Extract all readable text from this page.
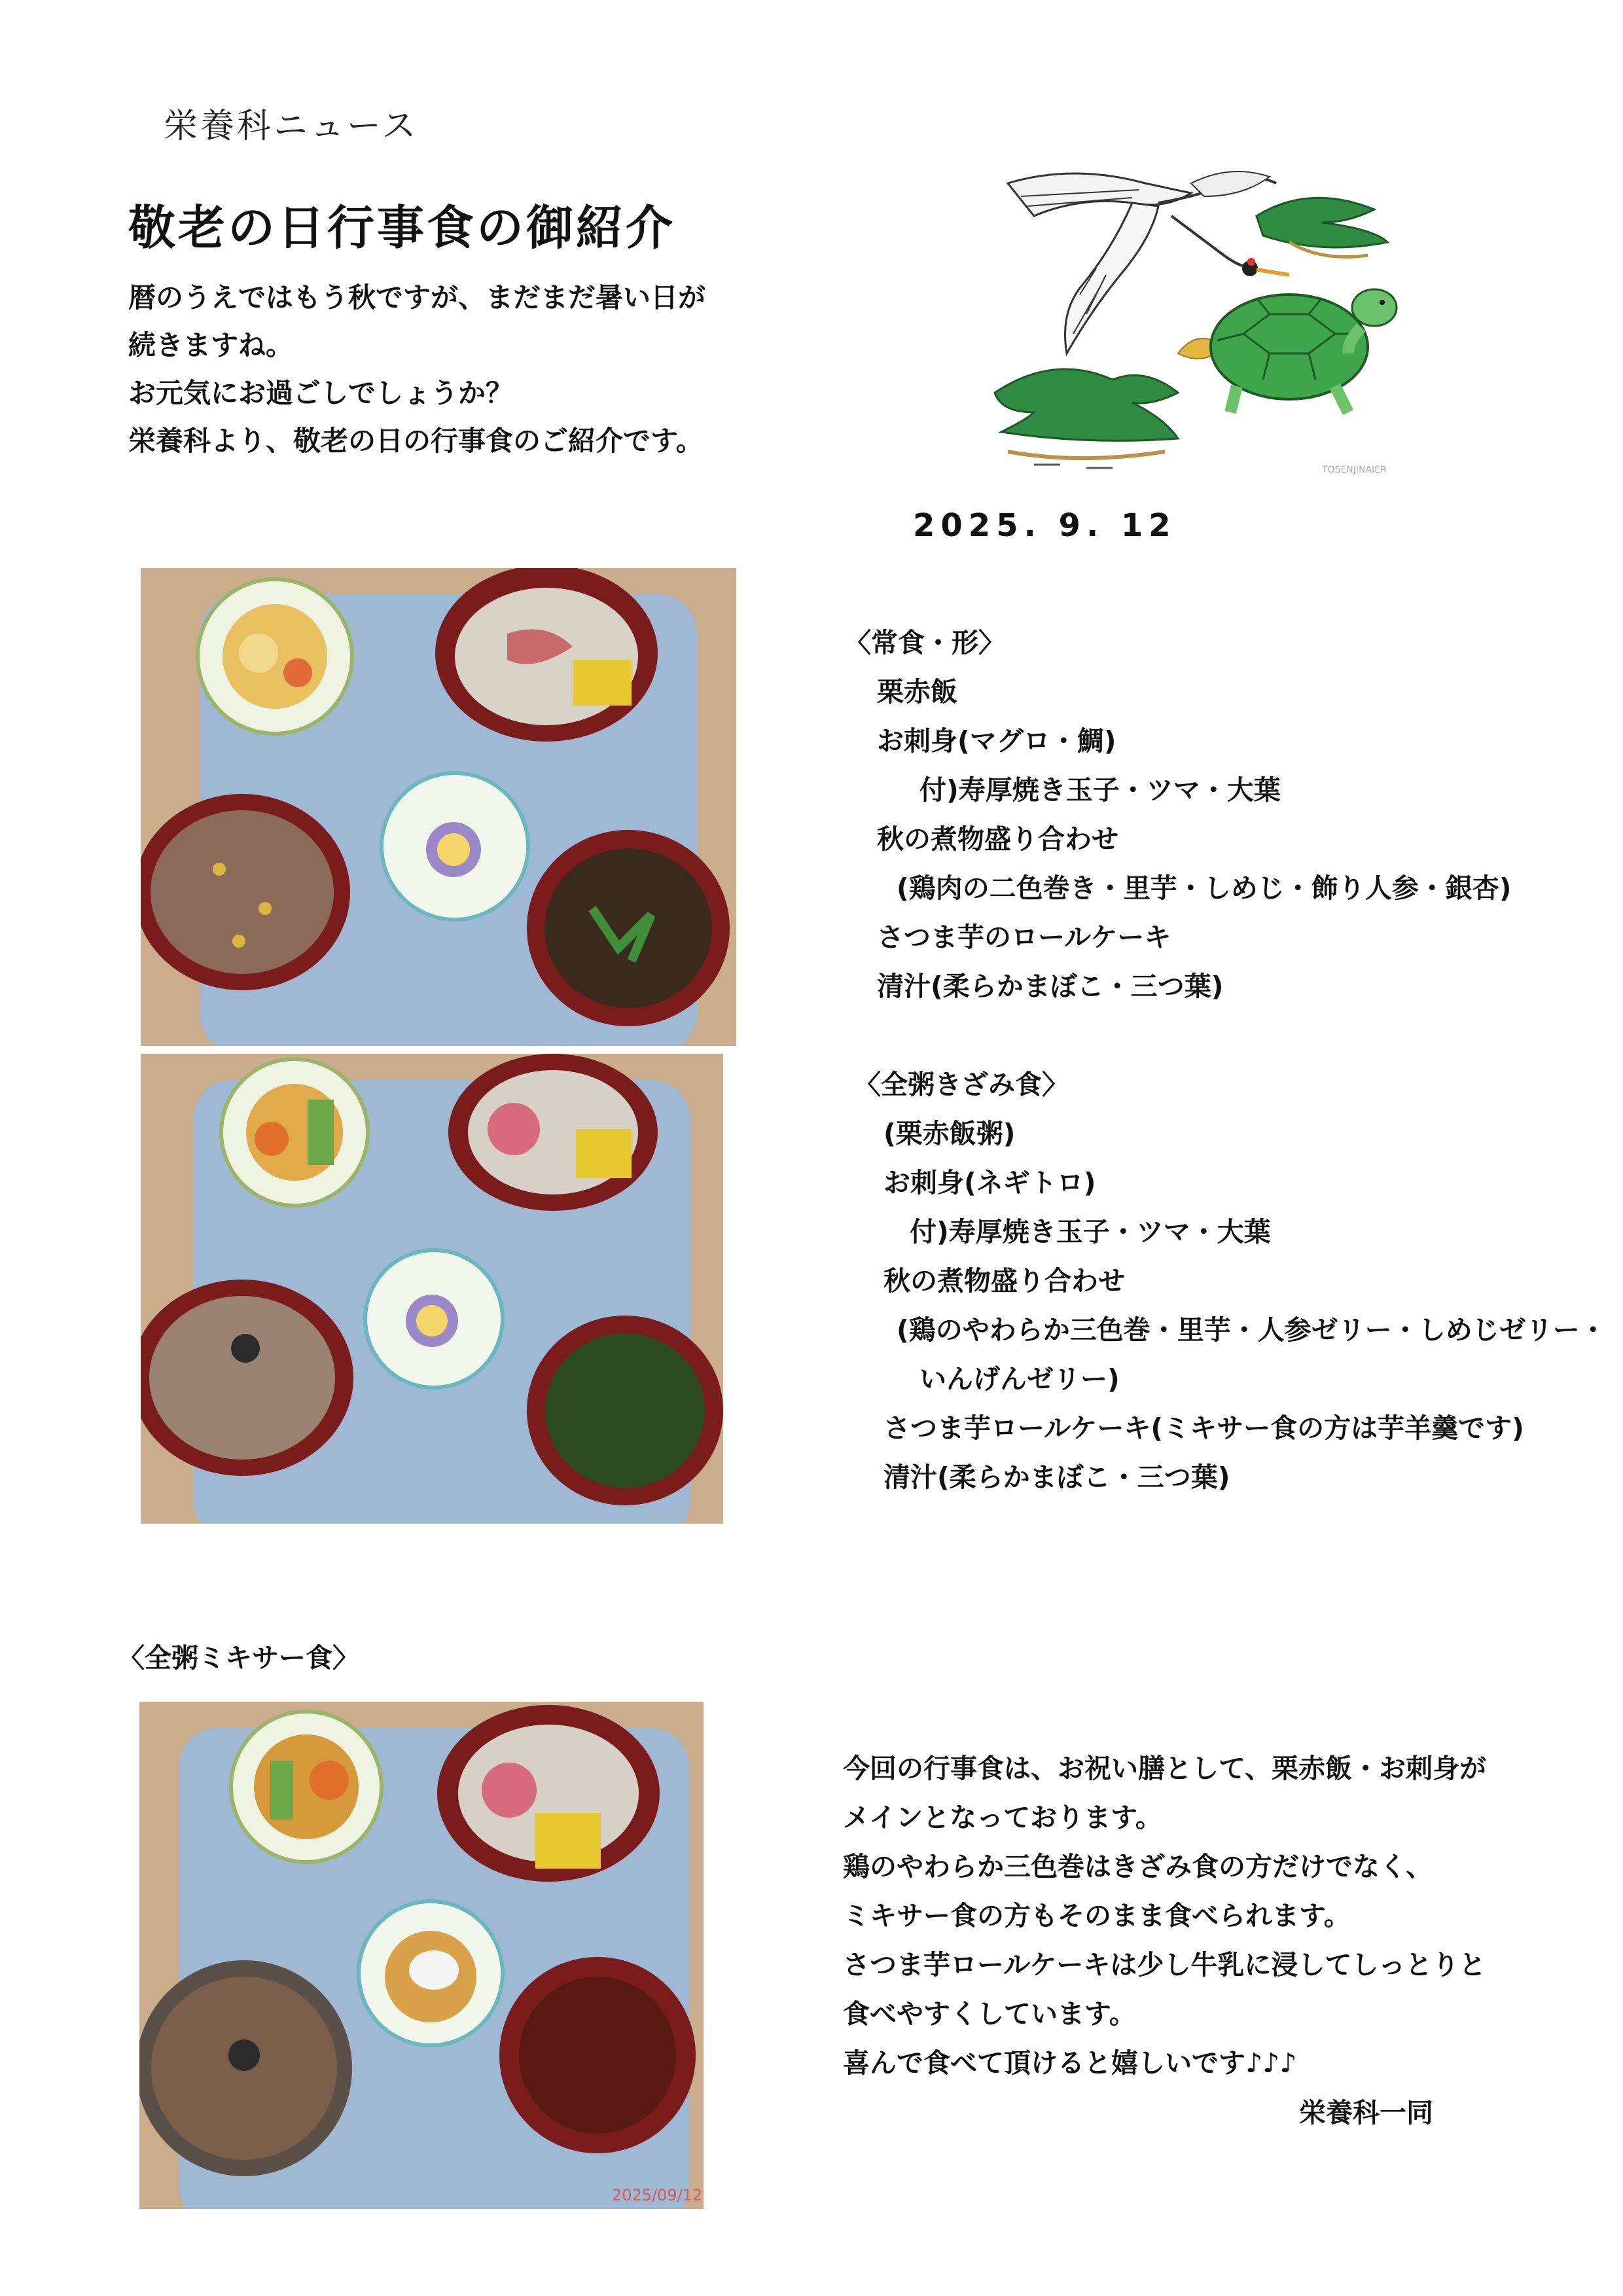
栄養科ニュース
敬老の日行事食の御紹介
暦のうえではもう秋ですが、まだまだ暑い日が
続きますね。
お元気にお過ごしでしょうか？
栄養科より、敬老の日の行事食のご紹介です。
TOSENJINAIER
2025. 9. 12
〈常食・形〉
栗赤飯
お刺身(マグロ・鯛)
付)寿厚焼き玉子・ツマ・大葉
秋の煮物盛り合わせ
(鶏肉の二色巻き・里芋・しめじ・飾り人参・銀杏)
さつま芋のロールケーキ
清汁(柔らかまぼこ・三つ葉)
〈全粥きざみ食〉
(栗赤飯粥)
お刺身(ネギトロ)
付)寿厚焼き玉子・ツマ・大葉
秋の煮物盛り合わせ
(鶏のやわらか三色巻・里芋・人参ゼリー・しめじゼリー・
いんげんゼリー)
さつま芋ロールケーキ(ミキサー食の方は芋羊羹です)
清汁(柔らかまぼこ・三つ葉)
〈全粥ミキサー食〉
2025/09/12
今回の行事食は、お祝い膳として、栗赤飯・お刺身が
メインとなっております。
鶏のやわらか三色巻はきざみ食の方だけでなく、
ミキサー食の方もそのまま食べられます。
さつま芋ロールケーキは少し牛乳に浸してしっとりと
食べやすくしています。
喜んで食べて頂けると嬉しいです♪♪♪
栄養科一同
